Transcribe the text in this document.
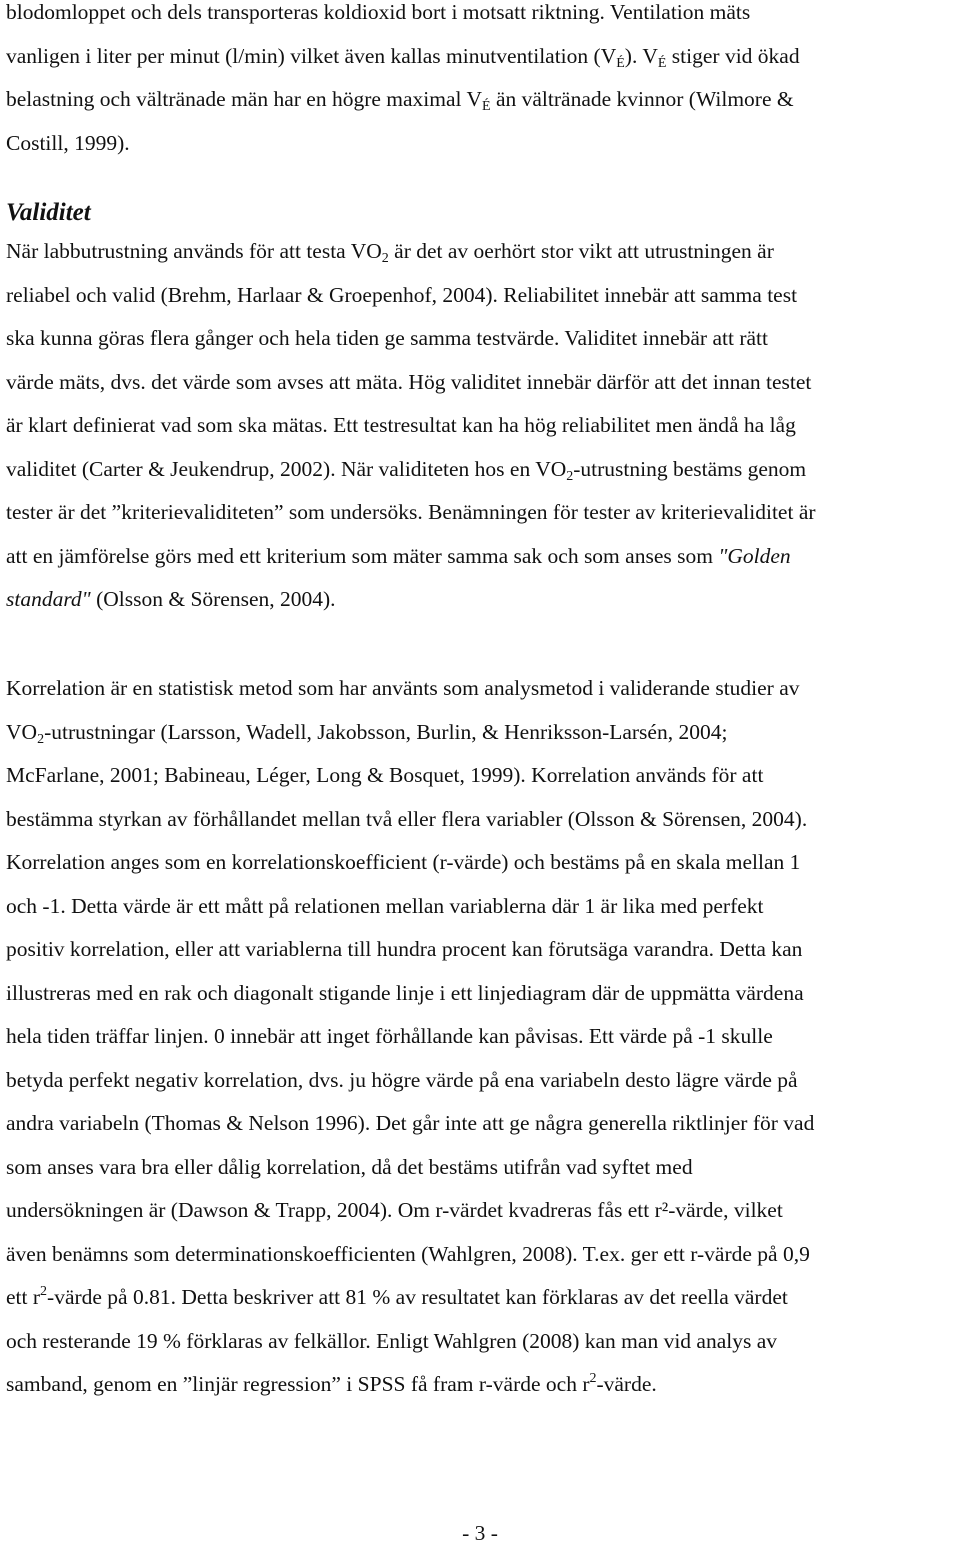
blodomloppet och dels transporteras koldioxid bort i motsatt riktning. Ventilation mäts
vanligen i liter per minut (l/min) vilket även kallas minutventilation $(V_É)$. $V_É$ stiger vid ökad
belastning och vältränade män har en högre maximal $V_É$ än vältränade kvinnor (Wilmore &
Costill, 1999).
Validitet
När labbutrustning används för att testa $VO_2$ är det av oerhört stor vikt att utrustningen är
reliabel och valid (Brehm, Harlaar & Groepenhof, 2004). Reliabilitet innebär att samma test
ska kunna göras flera gånger och hela tiden ge samma testvärde. Validitet innebär att rätt
värde mäts, dvs. det värde som avses att mäta. Hög validitet innebär därför att det innan testet
är klart definierat vad som ska mätas. Ett testresultat kan ha hög reliabilitet men ändå ha låg
validitet (Carter & Jeukendrup, 2002). När validiteten hos en $VO_2$-utrustning bestäms genom
tester är det ”kriterievaliditeten” som undersöks. Benämningen för tester av kriterievaliditet är
att en jämförelse görs med ett kriterium som mäter samma sak och som anses som "Golden
standard" (Olsson & Sörensen, 2004).
Korrelation är en statistisk metod som har använts som analysmetod i validerande studier av
$VO_2$-utrustningar (Larsson, Wadell, Jakobsson, Burlin, & Henriksson-Larsén, 2004;
McFarlane, 2001; Babineau, Léger, Long & Bosquet, 1999). Korrelation används för att
bestämma styrkan av förhållandet mellan två eller flera variabler (Olsson & Sörensen, 2004).
Korrelation anges som en korrelationskoefficient (r-värde) och bestäms på en skala mellan 1
och -1. Detta värde är ett mått på relationen mellan variablerna där 1 är lika med perfekt
positiv korrelation, eller att variablerna till hundra procent kan förutsäga varandra. Detta kan
illustreras med en rak och diagonalt stigande linje i ett linjediagram där de uppmätta värdena
hela tiden träffar linjen. 0 innebär att inget förhållande kan påvisas. Ett värde på -1 skulle
betyda perfekt negativ korrelation, dvs. ju högre värde på ena variabeln desto lägre värde på
andra variabeln (Thomas & Nelson 1996). Det går inte att ge några generella riktlinjer för vad
som anses vara bra eller dålig korrelation, då det bestäms utifrån vad syftet med
undersökningen är (Dawson & Trapp, 2004). Om r-värdet kvadreras fås ett r²-värde, vilket
även benämns som determinationskoefficienten (Wahlgren, 2008). T.ex. ger ett r-värde på 0,9
ett $r^2$-värde på 0.81. Detta beskriver att 81 % av resultatet kan förklaras av det reella värdet
och resterande 19 % förklaras av felkällor. Enligt Wahlgren (2008) kan man vid analys av
samband, genom en ”linjär regression” i SPSS få fram r-värde och $r^2$-värde.
- 3 -
